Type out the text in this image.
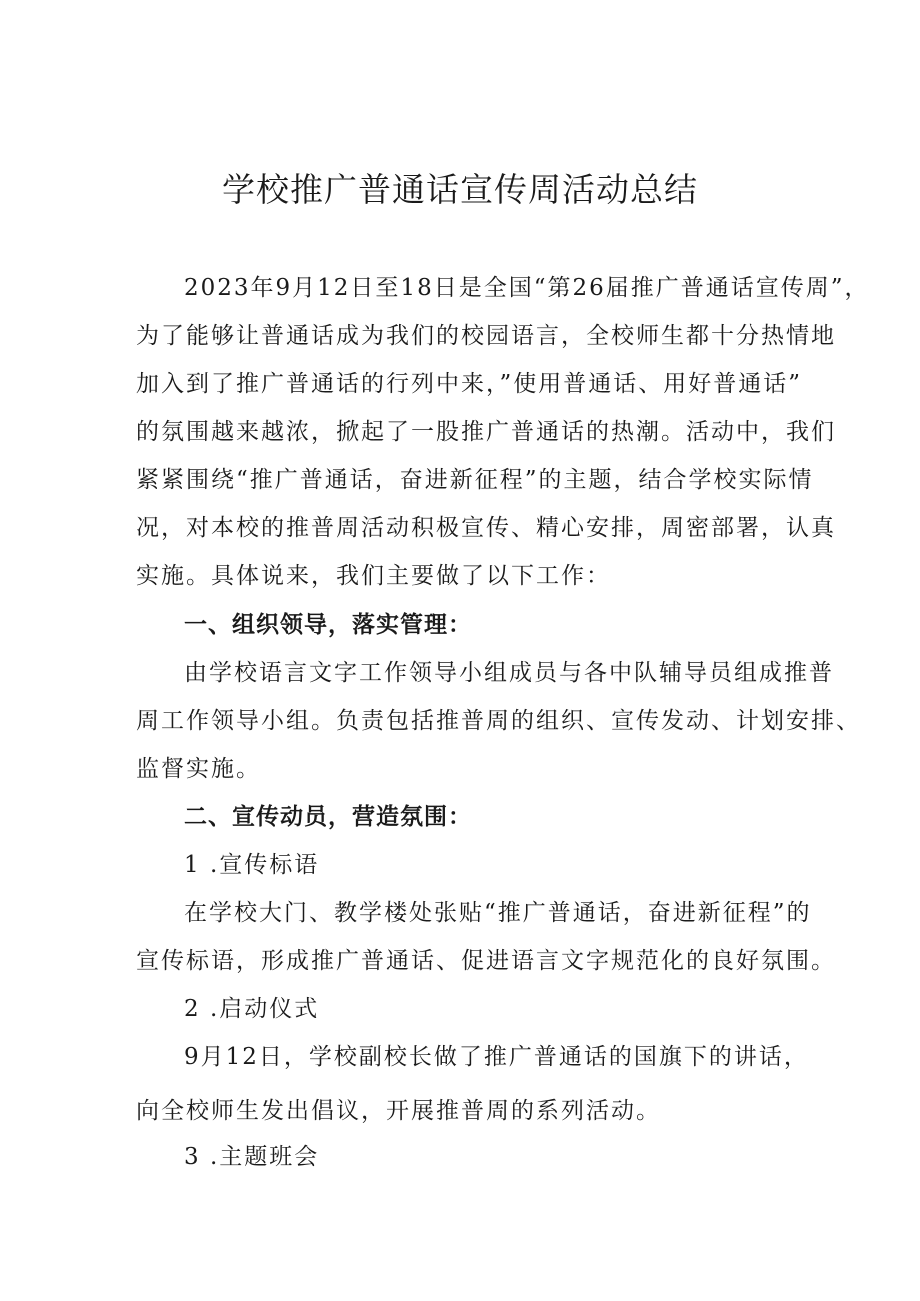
学校推广普通话宣传周活动总结
2023年9月12日至18日是全国“第26届推广普通话宣传周”，
为了能够让普通话成为我们的校园语言，全校师生都十分热情地
加入到了推广普通话的行列中来，”使用普通话、用好普通话”
的氛围越来越浓，掀起了一股推广普通话的热潮。活动中，我们
紧紧围绕“推广普通话，奋进新征程”的主题，结合学校实际情
况，对本校的推普周活动积极宣传、精心安排，周密部署，认真
实施。具体说来，我们主要做了以下工作：
一、组织领导，落实管理：
由学校语言文字工作领导小组成员与各中队辅导员组成推普
周工作领导小组。负责包括推普周的组织、宣传发动、计划安排、
监督实施。
二、宣传动员，营造氛围：
1 .宣传标语
在学校大门、教学楼处张贴“推广普通话，奋进新征程”的
宣传标语，形成推广普通话、促进语言文字规范化的良好氛围。
2 .启动仪式
9月12日，学校副校长做了推广普通话的国旗下的讲话，
向全校师生发出倡议，开展推普周的系列活动。
3 .主题班会
